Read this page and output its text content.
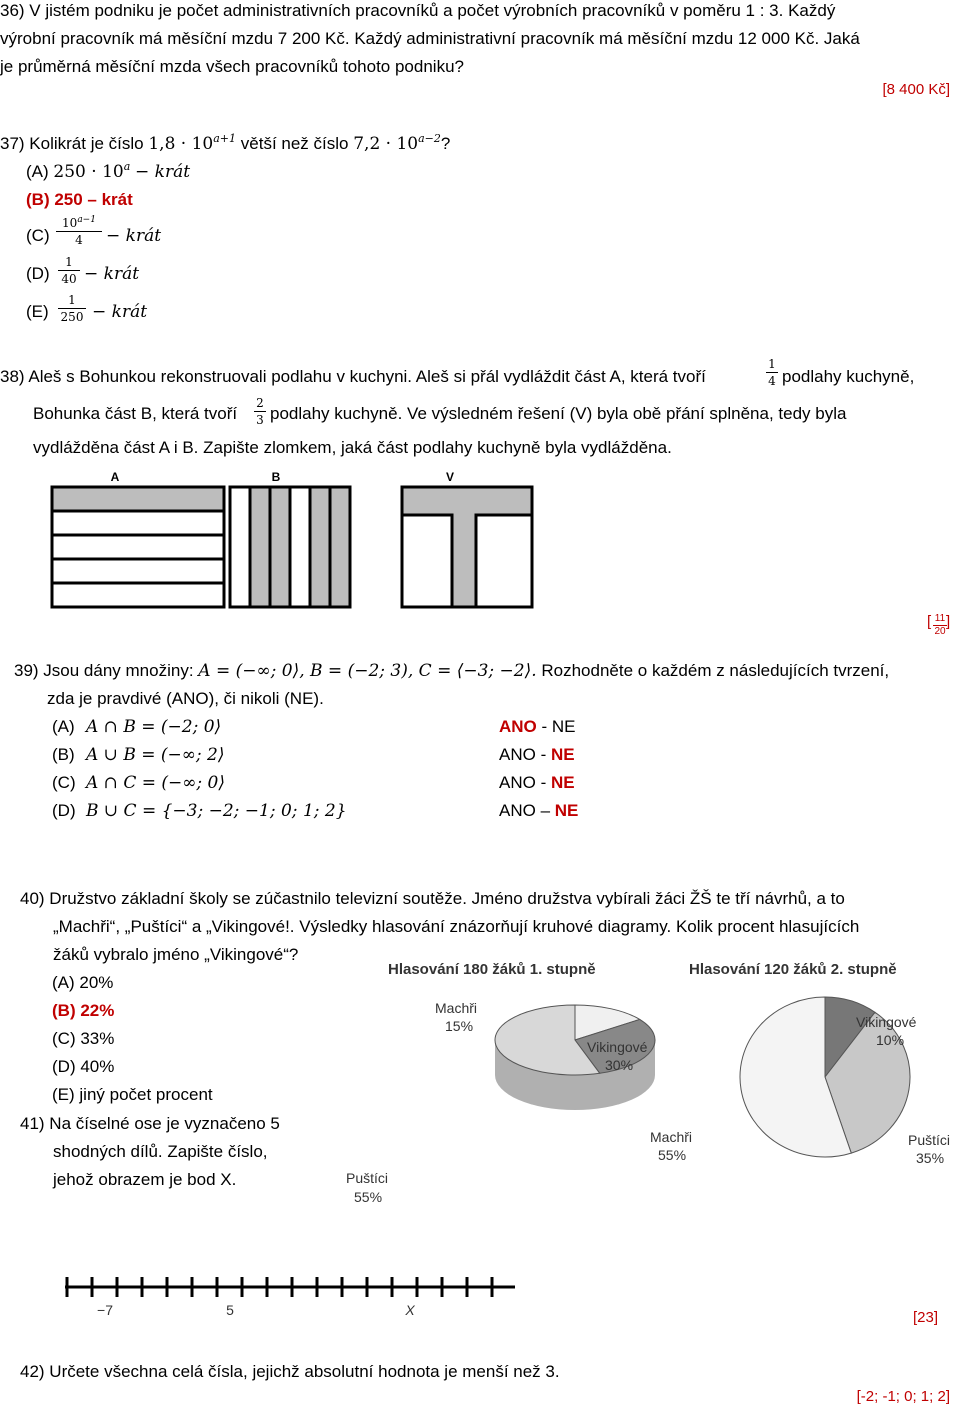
36) V jistém podniku je počet administrativních pracovníků a počet výrobních pracovníků v poměru 1 : 3. Každý
výrobní pracovník má měsíční mzdu 7 200 Kč. Každý administrativní pracovník má měsíční mzdu 12 000 Kč. Jaká
je průměrná měsíční mzda všech pracovníků tohoto podniku?
[8 400 Kč]
37) Kolikrát je číslo $1,8 \cdot 10^{a+1}$ větší než číslo $7,2 \cdot 10^{a-2}$?
(A) $250 \cdot 10^a$ − krát
(B) 250 – krát
(C)
$10^{a-1}$
4	− krát
(D)
1
40 − krát
(E)
1
250 − krát
38) Aleš s Bohunkou rekonstruovali podlahu v kuchyni. Aleš si přál vydláždit část A, která tvoří
1
4 podlahy kuchyně,
Bohunka část B, která tvoří
2
3 podlahy kuchyně. Ve výsledném řešení (V) byla obě přání splněna, tedy byla
vydlážděna část A i B. Zapište zlomkem, jaká část podlahy kuchyně byla vydlážděna.
A	B	V
[ 11
20
]
39) Jsou dány množiny: A = (−∞; 0⟩, B = (−2; 3), C = ⟨−3; −2⟩. Rozhodněte o každém z následujících tvrzení,
zda je pravdivé (ANO), či nikoli (NE).
(A) A ∩ B = (−2; 0⟩	ANO - NE
(B) A ∪ B = (−∞; 2⟩	ANO - NE
(C) A ∩ C = (−∞; 0⟩	ANO - NE
(D) B ∪ C = {−3; −2; −1; 0; 1; 2}	ANO – NE
40) Družstvo základní školy se zúčastnilo televizní soutěže. Jméno družstva vybírali žáci ŽŠ te tří návrhů, a to
„Machři“, „Puštíci“ a „Vikingové!. Výsledky hlasování znázorňují kruhové diagramy. Kolik procent hlasujících
žáků vybralo jméno „Vikingové“?
(A) 20%
(B) 22%
(C) 33%
(D) 40%
(E) jiný počet procent
Hlasování 180 žáků 1. stupně
Machři
15%
Vikingové
30%
Puštíci
55%
Hlasování 120 žáků 2. stupně
Vikingové
10%
Puštíci
35%
Machři
55%
41) Na číselné ose je vyznačeno 5
shodných dílů. Zapište číslo,
jehož obrazem je bod X.
−7	5	X	[23]
42) Určete všechna celá čísla, jejichž absolutní hodnota je menší než 3.
[-2; -1; 0; 1; 2]
